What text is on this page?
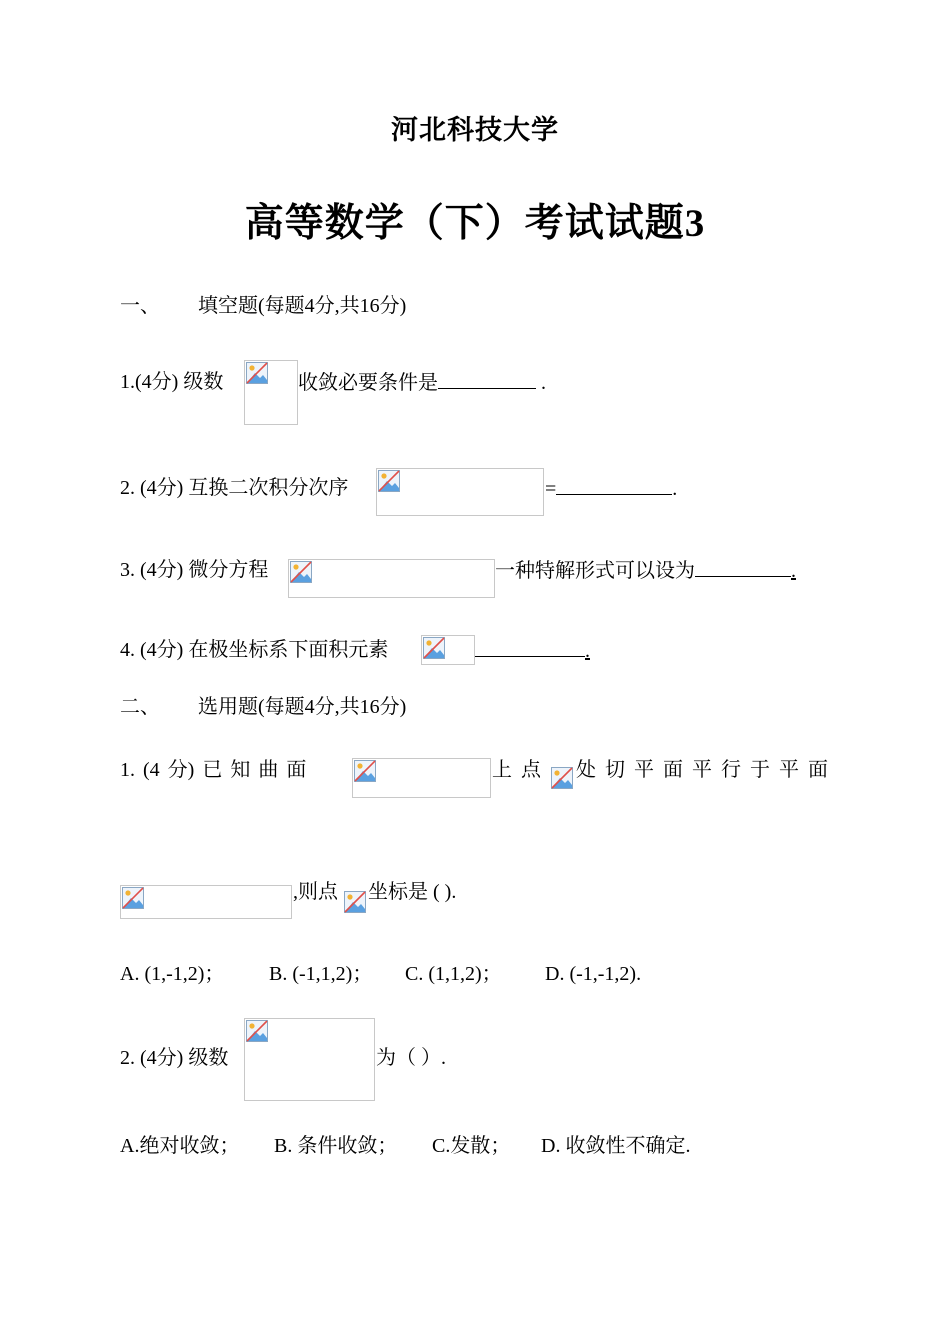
河北科技大学
高等数学（下）考试试题3
一、 填空题(每题4分,共16分)
1.(4分) 级数	收敛必要条件是	.
2. (4分) 互换二次积分次序	=	.
3. (4分) 微分方程	一种特解形式可以设为	.
4. (4分) 在极坐标系下面积元素	.
二、 选用题(每题4分,共16分)
1. (4 分) 已 知 曲 面	上 点 处 切 平 面 平 行 于 平 面
,则点 坐标是 ( ).
A. (1,-1,2)； B. (-1,1,2)； C. (1,1,2)； D. (-1,-1,2).
2. (4分) 级数	为（ ）.
A.绝对收敛； B. 条件收敛； C.发散； D. 收敛性不确定.
